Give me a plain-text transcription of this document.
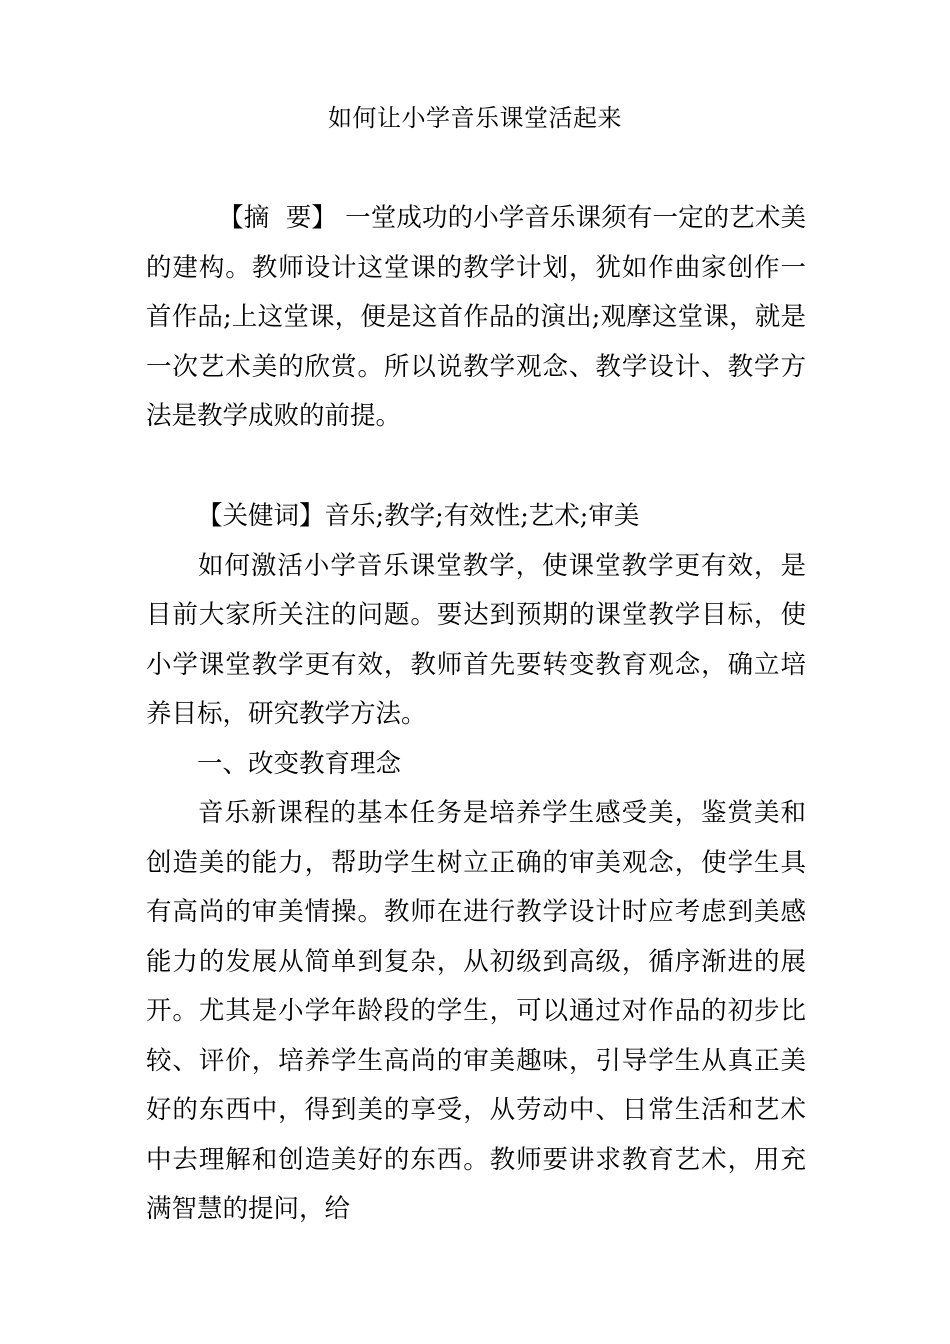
如何让小学音乐课堂活起来

【摘  要】 一堂成功的小学音乐课须有一定的艺术美的建构。教师设计这堂课的教学计划，犹如作曲家创作一首作品;上这堂课，便是这首作品的演出;观摩这堂课，就是一次艺术美的欣赏。所以说教学观念、教学设计、教学方法是教学成败的前提。

【关健词】音乐;教学;有效性;艺术;审美

如何激活小学音乐课堂教学，使课堂教学更有效，是目前大家所关注的问题。要达到预期的课堂教学目标，使小学课堂教学更有效，教师首先要转变教育观念，确立培养目标，研究教学方法。

一、改变教育理念

音乐新课程的基本任务是培养学生感受美，鉴赏美和创造美的能力，帮助学生树立正确的审美观念，使学生具有高尚的审美情操。教师在进行教学设计时应考虑到美感能力的发展从简单到复杂，从初级到高级，循序渐进的展开。尤其是小学年龄段的学生，可以通过对作品的初步比较、评价，培养学生高尚的审美趣味，引导学生从真正美好的东西中，得到美的享受，从劳动中、日常生活和艺术中去理解和创造美好的东西。教师要讲求教育艺术，用充满智慧的提问，给
